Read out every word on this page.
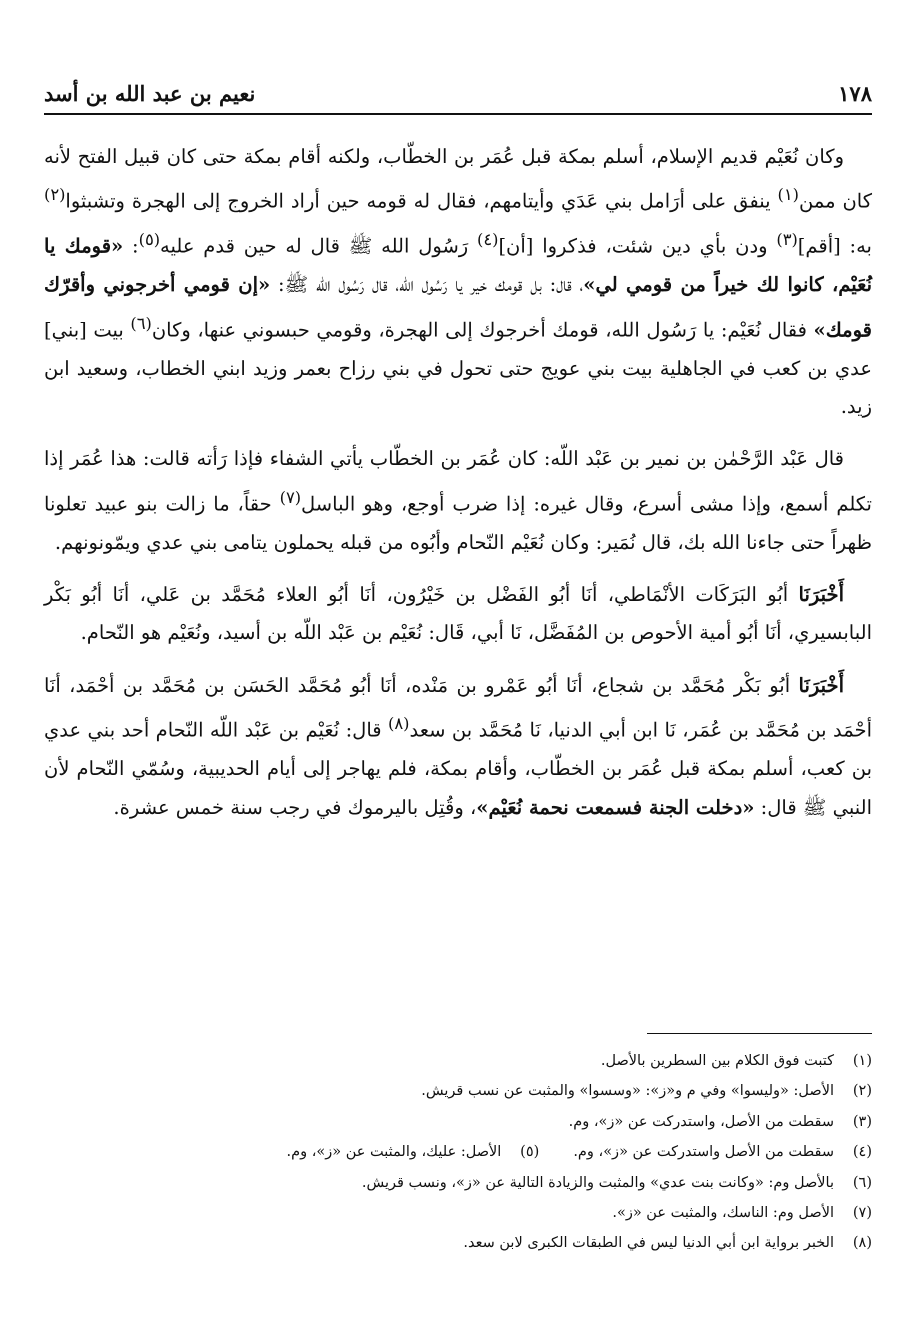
١٧٨
نعيم بن عبد الله بن أسد

وكان نُعَيْم قديم الإسلام، أسلم بمكة قبل عُمَر بن الخطّاب، ولكنه أقام بمكة حتى كان قبيل الفتح لأنه كان ممن$^{(١)}$ ينفق على أرَامل بني عَدَي وأيتامهم، فقال له قومه حين أراد الخروج إلى الهجرة وتشبثوا$^{(٢)}$ به: [أقم]$^{(٣)}$ ودن بأي دين شئت، فذكروا [أن]$^{(٤)}$ رَسُول الله ﷺ قال له حين قدم عليه$^{(٥)}$: «قومك يا نُعَيْم، كانوا لك خيراً من قومي لي»، قال: بل قومك خير يا رَسُول الله، قال رَسُول الله ﷺ: «إن قومي أخرجوني وأقرّك قومك» فقال نُعَيْم: يا رَسُول الله، قومك أخرجوك إلى الهجرة، وقومي حبسوني عنها، وكان$^{(٦)}$ بيت [بني] عدي بن كعب في الجاهلية بيت بني عويج حتى تحول في بني رزاح بعمر وزيد ابني الخطاب، وسعيد ابن زيد.

قال عَبْد الرَّحْمٰن بن نمير بن عَبْد اللّه: كان عُمَر بن الخطّاب يأتي الشفاء فإذا رَأته قالت: هذا عُمَر إذا تكلم أسمع، وإذا مشى أسرع، وقال غيره: إذا ضرب أوجع، وهو الباسل$^{(٧)}$ حقاً، ما زالت بنو عبيد تعلونا ظهراً حتى جاءنا الله بك، قال نُمَير: وكان نُعَيْم النّحام وأبُوه من قبله يحملون يتامى بني عدي ويمّونونهم.

أَخْبَرَنَا أبُو البَرَكَات الأنْمَاطي، أنَا أبُو الفَضْل بن خَيْرُون، أنَا أبُو العلاء مُحَمَّد بن عَلي، أنَا أبُو بَكْر البابسيري، أنَا أبُو أمية الأحوص بن المُفَضَّل، نَا أبي، قَال: نُعَيْم بن عَبْد اللّه بن أسيد، ونُعَيْم هو النّحام.

أَخْبَرَنَا أبُو بَكْر مُحَمَّد بن شجاع، أنَا أبُو عَمْرو بن مَنْده، أنَا أبُو مُحَمَّد الحَسَن بن مُحَمَّد بن أحْمَد، أنَا أحْمَد بن مُحَمَّد بن عُمَر، نَا ابن أبي الدنيا، نَا مُحَمَّد بن سعد$^{(٨)}$ قال: نُعَيْم بن عَبْد اللّه النّحام أحد بني عدي بن كعب، أسلم بمكة قبل عُمَر بن الخطّاب، وأقام بمكة، فلم يهاجر إلى أيام الحديبية، وسُمّي النّحام لأن النبي ﷺ قال: «دخلت الجنة فسمعت نحمة نُعَيْم»، وقُتِل باليرموك في رجب سنة خمس عشرة.

(١)
كتبت فوق الكلام بين السطرين بالأصل.
(٢)
الأصل: «وليسوا» وفي م و«ز»: «وسسوا» والمثبت عن نسب قريش.
(٣)
سقطت من الأصل، واستدركت عن «ز»، وم.
(٤)
سقطت من الأصل واستدركت عن «ز»، وم.
(٥)
الأصل: عليك، والمثبت عن «ز»، وم.
(٦)
بالأصل وم: «وكانت بنت عدي» والمثبت والزيادة التالية عن «ز»، ونسب قريش.
(٧)
الأصل وم: الناسك، والمثبت عن «ز».
(٨)
الخبر برواية ابن أبي الدنيا ليس في الطبقات الكبرى لابن سعد.
